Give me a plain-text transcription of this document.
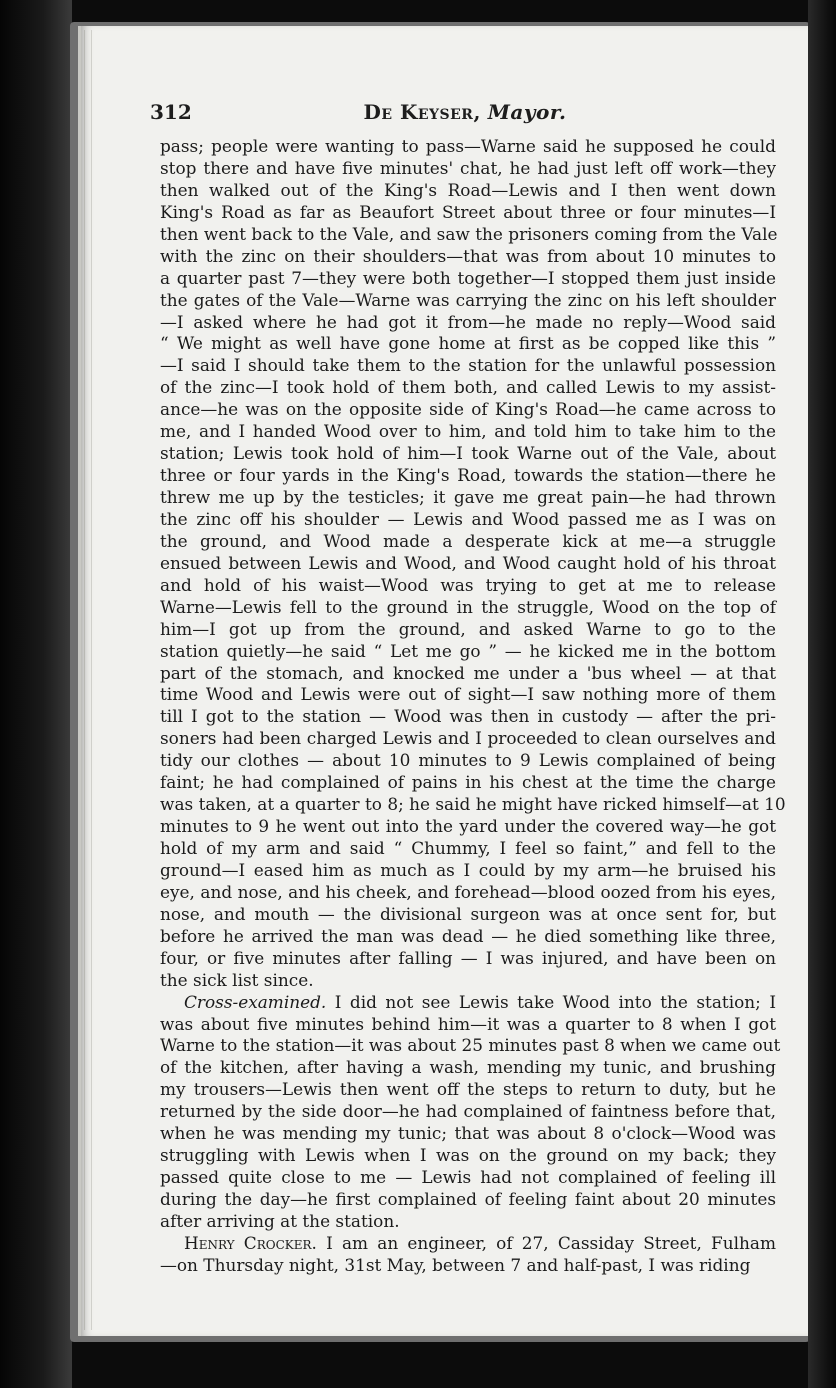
312	De Keyser, Mayor.
pass; people were wanting to pass—Warne said he supposed he could
stop there and have five minutes' chat, he had just left off work—they
then walked out of the King's Road—Lewis and I then went down
King's Road as far as Beaufort Street about three or four minutes—I
then went back to the Vale, and saw the prisoners coming from the Vale
with the zinc on their shoulders—that was from about 10 minutes to
a quarter past 7—they were both together—I stopped them just inside
the gates of the Vale—Warne was carrying the zinc on his left shoulder
—I asked where he had got it from—he made no reply—Wood said
“ We might as well have gone home at first as be copped like this ”
—I said I should take them to the station for the unlawful possession
of the zinc—I took hold of them both, and called Lewis to my assist-
ance—he was on the opposite side of King's Road—he came across to
me, and I handed Wood over to him, and told him to take him to the
station; Lewis took hold of him—I took Warne out of the Vale, about
three or four yards in the King's Road, towards the station—there he
threw me up by the testicles; it gave me great pain—he had thrown
the zinc off his shoulder — Lewis and Wood passed me as I was on
the ground, and Wood made a desperate kick at me—a struggle
ensued between Lewis and Wood, and Wood caught hold of his throat
and hold of his waist—Wood was trying to get at me to release
Warne—Lewis fell to the ground in the struggle, Wood on the top of
him—I got up from the ground, and asked Warne to go to the
station quietly—he said “ Let me go ” — he kicked me in the bottom
part of the stomach, and knocked me under a 'bus wheel — at that
time Wood and Lewis were out of sight—I saw nothing more of them
till I got to the station — Wood was then in custody — after the pri-
soners had been charged Lewis and I proceeded to clean ourselves and
tidy our clothes — about 10 minutes to 9 Lewis complained of being
faint; he had complained of pains in his chest at the time the charge
was taken, at a quarter to 8; he said he might have ricked himself—at 10
minutes to 9 he went out into the yard under the covered way—he got
hold of my arm and said “ Chummy, I feel so faint,” and fell to the
ground—I eased him as much as I could by my arm—he bruised his
eye, and nose, and his cheek, and forehead—blood oozed from his eyes,
nose, and mouth — the divisional surgeon was at once sent for, but
before he arrived the man was dead — he died something like three,
four, or five minutes after falling — I was injured, and have been on
the sick list since.
Cross-examined. I did not see Lewis take Wood into the station; I
was about five minutes behind him—it was a quarter to 8 when I got
Warne to the station—it was about 25 minutes past 8 when we came out
of the kitchen, after having a wash, mending my tunic, and brushing
my trousers—Lewis then went off the steps to return to duty, but he
returned by the side door—he had complained of faintness before that,
when he was mending my tunic; that was about 8 o'clock—Wood was
struggling with Lewis when I was on the ground on my back; they
passed quite close to me — Lewis had not complained of feeling ill
during the day—he first complained of feeling faint about 20 minutes
after arriving at the station.
Henry Crocker. I am an engineer, of 27, Cassiday Street, Fulham
—on Thursday night, 31st May, between 7 and half-past, I was riding
